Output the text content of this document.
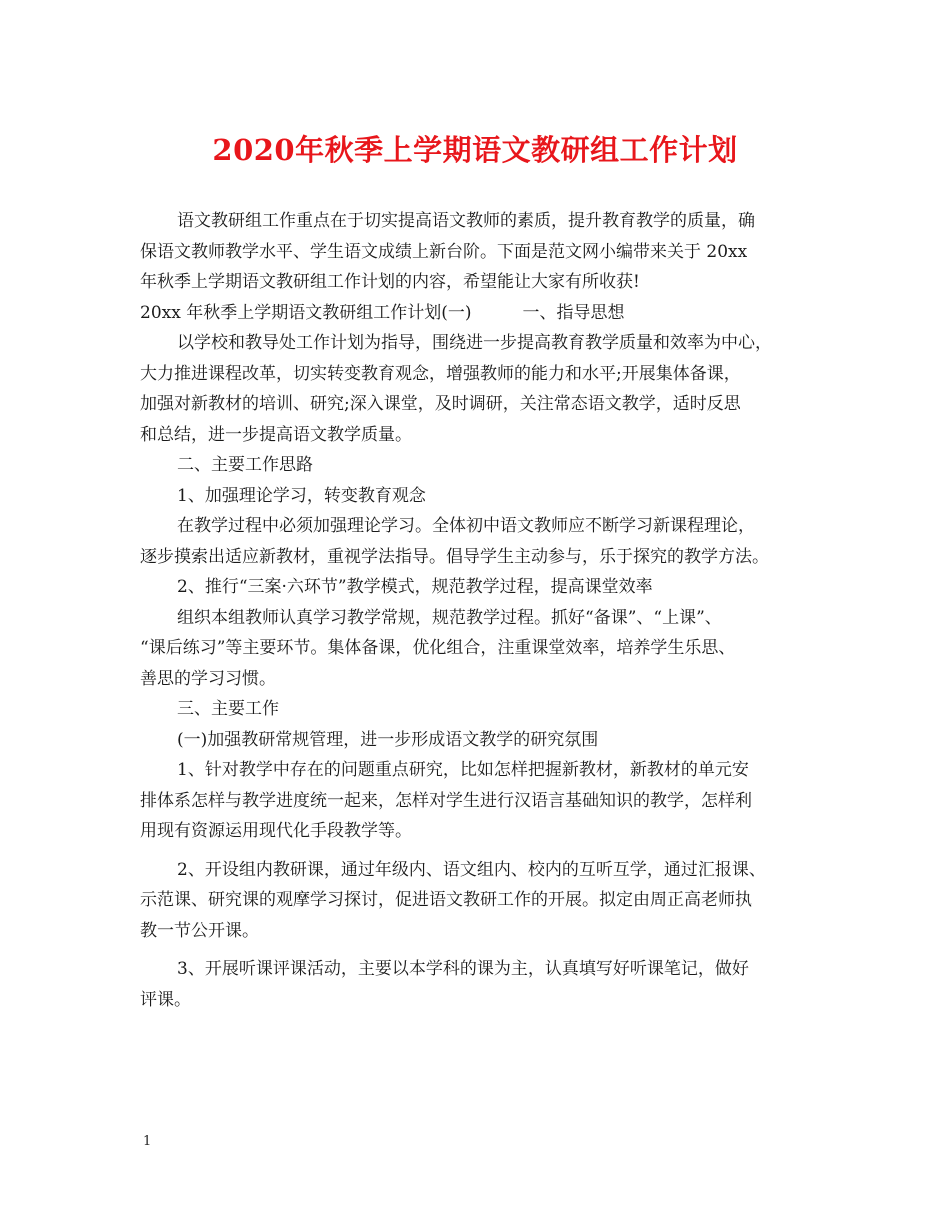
2020年秋季上学期语文教研组工作计划
语文教研组工作重点在于切实提高语文教师的素质，提升教育教学的质量，确
保语文教师教学水平、学生语文成绩上新台阶。下面是范文网小编带来关于 20xx
年秋季上学期语文教研组工作计划的内容，希望能让大家有所收获!
20xx 年秋季上学期语文教研组工作计划(一)　　　一、指导思想
以学校和教导处工作计划为指导，围绕进一步提高教育教学质量和效率为中心，
大力推进课程改革，切实转变教育观念，增强教师的能力和水平;开展集体备课，
加强对新教材的培训、研究;深入课堂，及时调研，关注常态语文教学，适时反思
和总结，进一步提高语文教学质量。
二、主要工作思路
1、加强理论学习，转变教育观念
在教学过程中必须加强理论学习。全体初中语文教师应不断学习新课程理论，
逐步摸索出适应新教材，重视学法指导。倡导学生主动参与，乐于探究的教学方法。
2、推行“三案·六环节”教学模式，规范教学过程，提高课堂效率
组织本组教师认真学习教学常规，规范教学过程。抓好“备课”、“上课”、
“课后练习”等主要环节。集体备课，优化组合，注重课堂效率，培养学生乐思、
善思的学习习惯。
三、主要工作
(一)加强教研常规管理，进一步形成语文教学的研究氛围
1、针对教学中存在的问题重点研究，比如怎样把握新教材，新教材的单元安
排体系怎样与教学进度统一起来，怎样对学生进行汉语言基础知识的教学，怎样利
用现有资源运用现代化手段教学等。
2、开设组内教研课，通过年级内、语文组内、校内的互听互学，通过汇报课、
示范课、研究课的观摩学习探讨，促进语文教研工作的开展。拟定由周正高老师执
教一节公开课。
3、开展听课评课活动，主要以本学科的课为主，认真填写好听课笔记，做好
评课。
1
